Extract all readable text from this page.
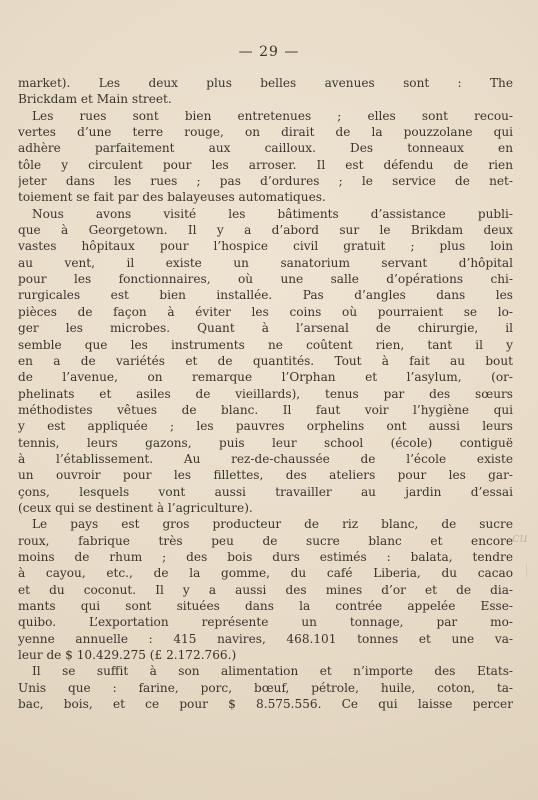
— 29 —
market). Les deux plus belles avenues sont : The
Brickdam et Main street.
Les rues sont bien entretenues ; elles sont recou-
vertes d’une terre rouge, on dirait de la pouzzolane qui
adhère parfaitement aux cailloux. Des tonneaux en
tôle y circulent pour les arroser. Il est défendu de rien
jeter dans les rues ; pas d’ordures ; le service de net-
toiement se fait par des balayeuses automatiques.
Nous avons visité les bâtiments d’assistance publi-
que à Georgetown. Il y a d’abord sur le Brikdam deux
vastes hôpitaux pour l’hospice civil gratuit ; plus loin
au vent, il existe un sanatorium servant d’hôpital
pour les fonctionnaires, où une salle d’opérations chi-
rurgicales est bien installée. Pas d’angles dans les
pièces de façon à éviter les coins où pourraient se lo-
ger les microbes. Quant à l’arsenal de chirurgie, il
semble que les instruments ne coûtent rien, tant il y
en a de variétés et de quantités. Tout à fait au bout
de l’avenue, on remarque l’Orphan et l’asylum, (or-
phelinats et asiles de vieillards), tenus par des sœurs
méthodistes vêtues de blanc. Il faut voir l’hygiène qui
y est appliquée ; les pauvres orphelins ont aussi leurs
tennis, leurs gazons, puis leur school (école) contiguë
à l’établissement. Au rez-de-chaussée de l’école existe
un ouvroir pour les fillettes, des ateliers pour les gar-
çons, lesquels vont aussi travailler au jardin d’essai
(ceux qui se destinent à l’agriculture).
Le pays est gros producteur de riz blanc, de sucre
roux, fabrique très peu de sucre blanc et encore
moins de rhum ; des bois durs estimés : balata, tendre
à cayou, etc., de la gomme, du café Liberia, du cacao
et du coconut. Il y a aussi des mines d’or et de dia-
mants qui sont situées dans la contrée appelée Esse-
quibo. L’exportation représente un tonnage, par mo-
yenne annuelle : 415 navires, 468.101 tonnes et une va-
leur de $ 10.429.275 (£ 2.172.766.)
Il se suffit à son alimentation et n’importe des Etats-
Unis que : farine, porc, bœuf, pétrole, huile, coton, ta-
bac, bois, et ce pour $ 8.575.556. Ce qui laisse percer
cu
